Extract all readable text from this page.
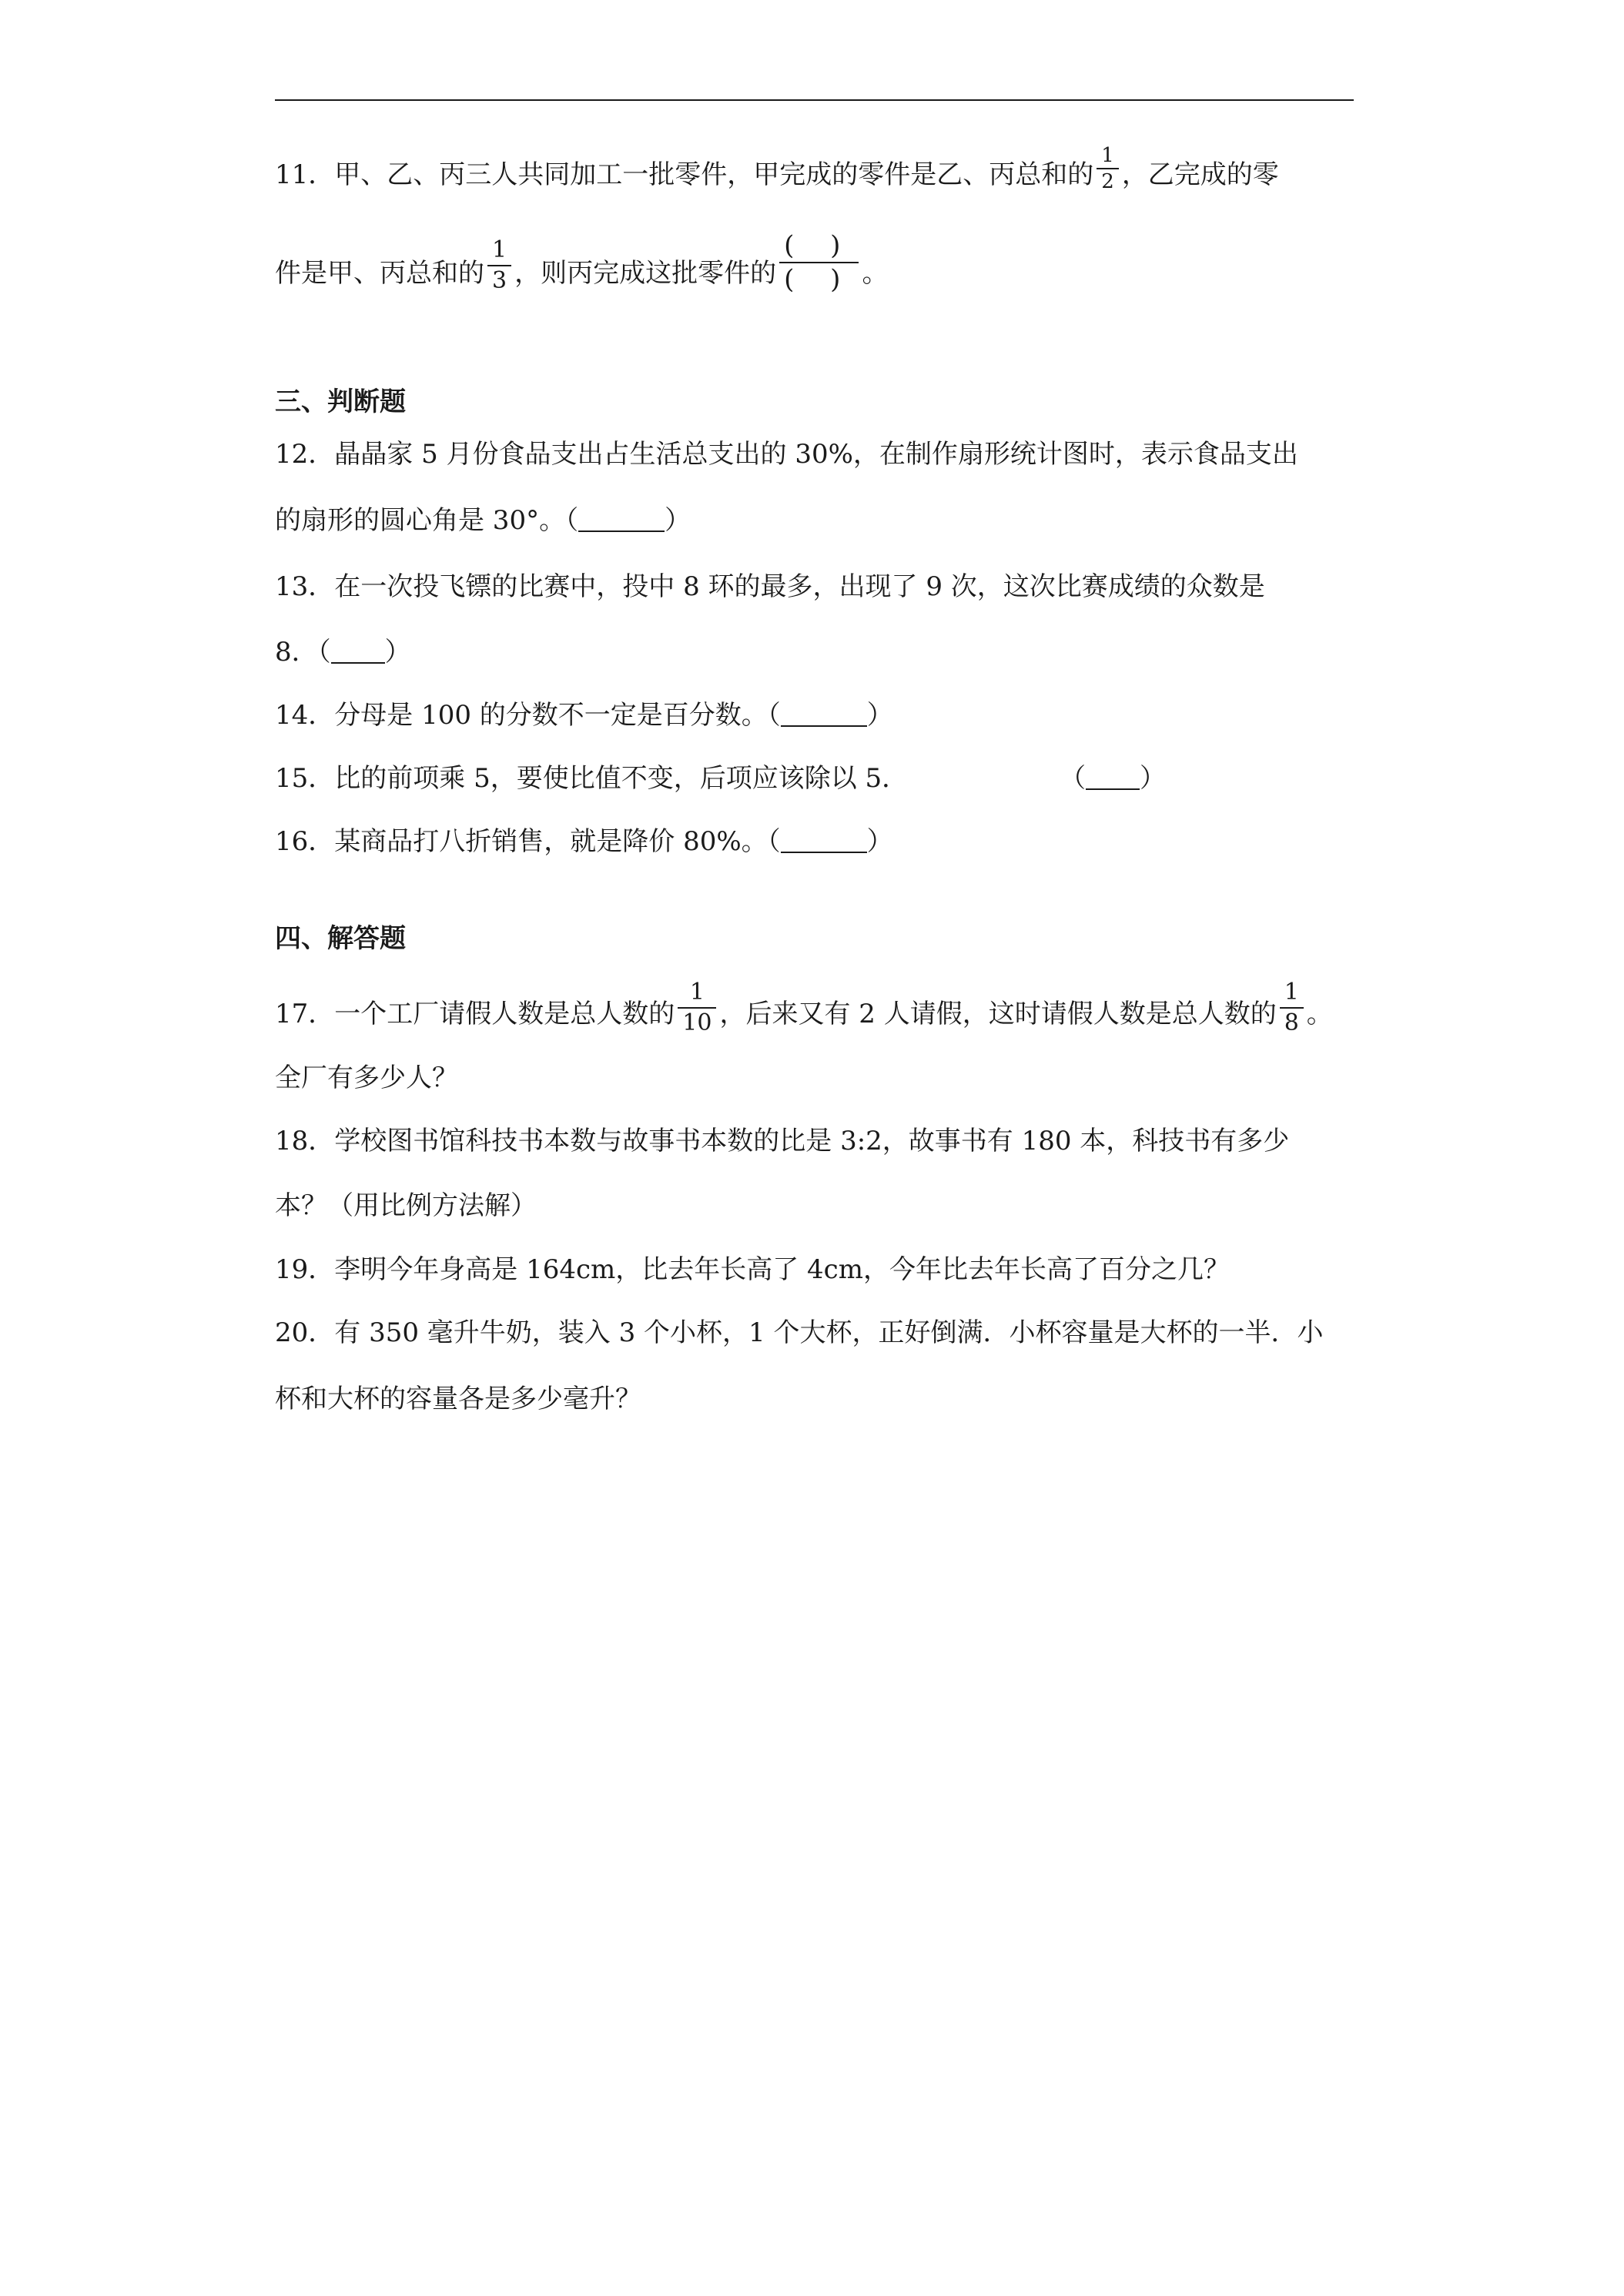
11．甲、乙、丙三人共同加工一批零件，甲完成的零件是乙、丙总和的 $\frac{1}{2}$ ，乙完成的零
件是甲、丙总和的 $\frac{1}{3}$ ，则丙完成这批零件的 $\frac{( )}{( )}$ 。
三、判断题
12．晶晶家 5 月份食品支出占生活总支出的 30%，在制作扇形统计图时，表示食品支出
的扇形的圆心角是 30°。（	）
13．在一次投飞镖的比赛中，投中 8 环的最多，出现了 9 次，这次比赛成绩的众数是
8．（ ）
14．分母是 100 的分数不一定是百分数。（	）
15．比的前项乘 5，要使比值不变，后项应该除以 5．	（ ）
16．某商品打八折销售，就是降价 80%。（	）
四、解答题
17．一个工厂请假人数是总人数的 $\frac{1}{10}$ ，后来又有 2 人请假，这时请假人数是总人数的 $\frac{1}{8}$ 。
全厂有多少人？
18．学校图书馆科技书本数与故事书本数的比是 3:2，故事书有 180 本，科技书有多少
本？（用比例方法解）
19．李明今年身高是 164cm，比去年长高了 4cm，今年比去年长高了百分之几？
20．有 350 毫升牛奶，装入 3 个小杯，1 个大杯，正好倒满．小杯容量是大杯的一半．小
杯和大杯的容量各是多少毫升？
